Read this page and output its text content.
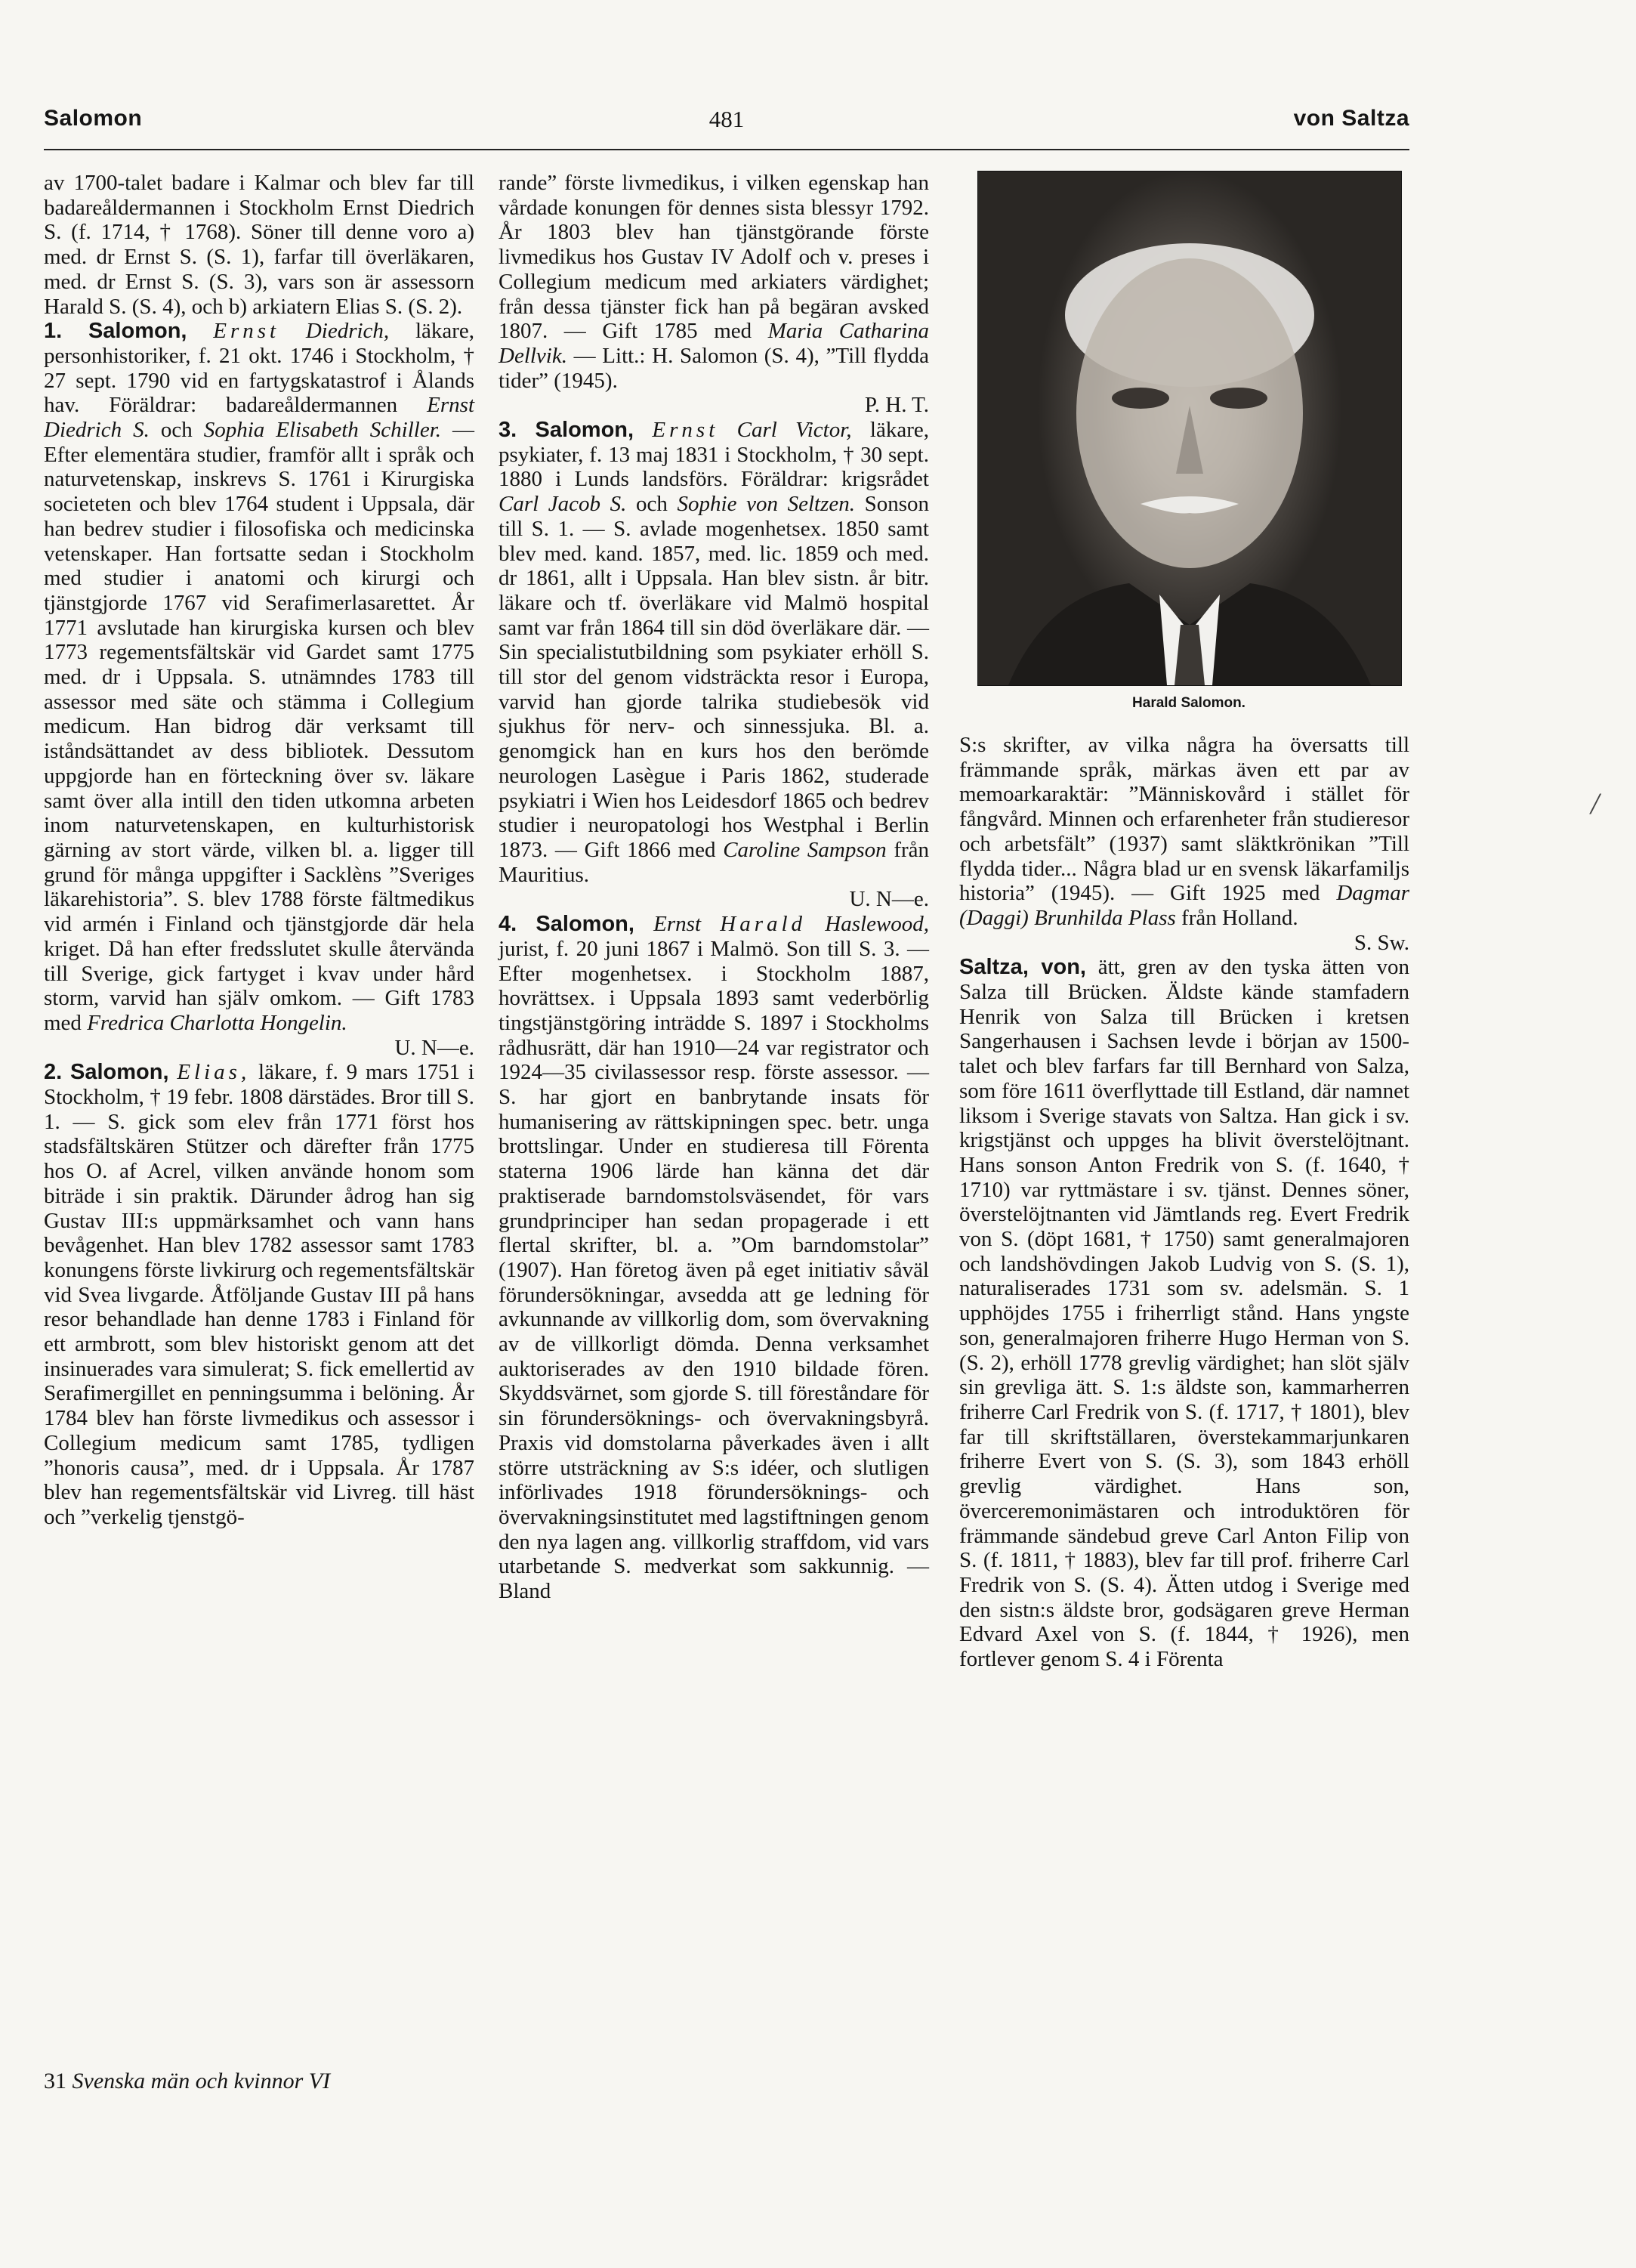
Salomon	481	von Saltza

av 1700-talet badare i Kalmar och blev far till badareåldermannen i Stockholm Ernst Diedrich S. (f. 1714, † 1768). Söner till denne voro a) med. dr Ernst S. (S. 1), farfar till överläkaren, med. dr Ernst S. (S. 3), vars son är assessorn Harald S. (S. 4), och b) arkiatern Elias S. (S. 2).

1. Salomon, Ernst Diedrich, läkare, personhistoriker, f. 21 okt. 1746 i Stockholm, † 27 sept. 1790 vid en fartygskatastrof i Ålands hav. Föräldrar: badareåldermannen Ernst Diedrich S. och Sophia Elisabeth Schiller. — Efter elementära studier, framför allt i språk och naturvetenskap, inskrevs S. 1761 i Kirurgiska societeten och blev 1764 student i Uppsala, där han bedrev studier i filosofiska och medicinska vetenskaper. Han fortsatte sedan i Stockholm med studier i anatomi och kirurgi och tjänstgjorde 1767 vid Serafimerlasarettet. År 1771 avslutade han kirurgiska kursen och blev 1773 regementsfältskär vid Gardet samt 1775 med. dr i Uppsala. S. utnämndes 1783 till assessor med säte och stämma i Collegium medicum. Han bidrog där verksamt till iståndsättandet av dess bibliotek. Dessutom uppgjorde han en förteckning över sv. läkare samt över alla intill den tiden utkomna arbeten inom naturvetenskapen, en kulturhistorisk gärning av stort värde, vilken bl. a. ligger till grund för många uppgifter i Sacklèns ”Sveriges läkarehistoria”. S. blev 1788 förste fältmedikus vid armén i Finland och tjänstgjorde där hela kriget. Då han efter fredsslutet skulle återvända till Sverige, gick fartyget i kvav under hård storm, varvid han själv omkom. — Gift 1783 med Fredrica Charlotta Hongelin.

U. N—e.

2. Salomon, Elias, läkare, f. 9 mars 1751 i Stockholm, † 19 febr. 1808 därstädes. Bror till S. 1. — S. gick som elev från 1771 först hos stadsfältskären Stützer och därefter från 1775 hos O. af Acrel, vilken använde honom som biträde i sin praktik. Därunder ådrog han sig Gustav III:s uppmärksamhet och vann hans bevågenhet. Han blev 1782 assessor samt 1783 konungens förste livkirurg och regementsfältskär vid Svea livgarde. Åtföljande Gustav III på hans resor behandlade han denne 1783 i Finland för ett armbrott, som blev historiskt genom att det insinuerades vara simulerat; S. fick emellertid av Serafimergillet en penningsumma i belöning. År 1784 blev han förste livmedikus och assessor i Collegium medicum samt 1785, tydligen ”honoris causa”, med. dr i Uppsala. År 1787 blev han regementsfältskär vid Livreg. till häst och ”verkelig tjenstgö-

rande” förste livmedikus, i vilken egenskap han vårdade konungen för dennes sista blessyr 1792. År 1803 blev han tjänstgörande förste livmedikus hos Gustav IV Adolf och v. preses i Collegium medicum med arkiaters värdighet; från dessa tjänster fick han på begäran avsked 1807. — Gift 1785 med Maria Catharina Dellvik. — Litt.: H. Salomon (S. 4), ”Till flydda tider” (1945).

P. H. T.

3. Salomon, Ernst Carl Victor, läkare, psykiater, f. 13 maj 1831 i Stockholm, † 30 sept. 1880 i Lunds landsförs. Föräldrar: krigsrådet Carl Jacob S. och Sophie von Seltzen. Sonson till S. 1. — S. avlade mogenhetsex. 1850 samt blev med. kand. 1857, med. lic. 1859 och med. dr 1861, allt i Uppsala. Han blev sistn. år bitr. läkare och tf. överläkare vid Malmö hospital samt var från 1864 till sin död överläkare där. — Sin specialistutbildning som psykiater erhöll S. till stor del genom vidsträckta resor i Europa, varvid han gjorde talrika studiebesök vid sjukhus för nerv- och sinnessjuka. Bl. a. genomgick han en kurs hos den berömde neurologen Lasègue i Paris 1862, studerade psykiatri i Wien hos Leidesdorf 1865 och bedrev studier i neuropatologi hos Westphal i Berlin 1873. — Gift 1866 med Caroline Sampson från Mauritius.

U. N—e.

4. Salomon, Ernst Harald Haslewood, jurist, f. 20 juni 1867 i Malmö. Son till S. 3. — Efter mogenhetsex. i Stockholm 1887, hovrättsex. i Uppsala 1893 samt vederbörlig tingstjänstgöring inträdde S. 1897 i Stockholms rådhusrätt, där han 1910—24 var registrator och 1924—35 civilassessor resp. förste assessor. — S. har gjort en banbrytande insats för humanisering av rättskipningen spec. betr. unga brottslingar. Under en studieresa till Förenta staterna 1906 lärde han känna det där praktiserade barndomstolsväsendet, för vars grundprinciper han sedan propagerade i ett flertal skrifter, bl. a. ”Om barndomstolar” (1907). Han företog även på eget initiativ såväl förundersökningar, avsedda att ge ledning för avkunnande av villkorlig dom, som övervakning av de villkorligt dömda. Denna verksamhet auktoriserades av den 1910 bildade fören. Skyddsvärnet, som gjorde S. till föreståndare för sin förundersöknings- och övervakningsbyrå. Praxis vid domstolarna påverkades även i allt större utsträckning av S:s idéer, och slutligen införlivades 1918 förundersöknings- och övervakningsinstitutet med lagstiftningen genom den nya lagen ang. villkorlig straffdom, vid vars utarbetande S. medverkat som sakkunnig. — Bland

Harald Salomon.

S:s skrifter, av vilka några ha översatts till främmande språk, märkas även ett par av memoarkaraktär: ”Människovård i stället för fångvård. Minnen och erfarenheter från studieresor och arbetsfält” (1937) samt släktkrönikan ”Till flydda tider... Några blad ur en svensk läkarfamiljs historia” (1945). — Gift 1925 med Dagmar (Daggi) Brunhilda Plass från Holland.

S. Sw.

Saltza, von, ätt, gren av den tyska ätten von Salza till Brücken. Äldste kände stamfadern Henrik von Salza till Brücken i kretsen Sangerhausen i Sachsen levde i början av 1500-talet och blev farfars far till Bernhard von Salza, som före 1611 överflyttade till Estland, där namnet liksom i Sverige stavats von Saltza. Han gick i sv. krigstjänst och uppges ha blivit överstelöjtnant. Hans sonson Anton Fredrik von S. (f. 1640, † 1710) var ryttmästare i sv. tjänst. Dennes söner, överstelöjtnanten vid Jämtlands reg. Evert Fredrik von S. (döpt 1681, † 1750) samt generalmajoren och landshövdingen Jakob Ludvig von S. (S. 1), naturaliserades 1731 som sv. adelsmän. S. 1 upphöjdes 1755 i friherrligt stånd. Hans yngste son, generalmajoren friherre Hugo Herman von S. (S. 2), erhöll 1778 grevlig värdighet; han slöt själv sin grevliga ätt. S. 1:s äldste son, kammarherren friherre Carl Fredrik von S. (f. 1717, † 1801), blev far till skriftställaren, överstekammarjunkaren friherre Evert von S. (S. 3), som 1843 erhöll grevlig värdighet. Hans son, överceremonimästaren och introduktören för främmande sändebud greve Carl Anton Filip von S. (f. 1811, † 1883), blev far till prof. friherre Carl Fredrik von S. (S. 4). Ätten utdog i Sverige med den sistn:s äldste bror, godsägaren greve Herman Edvard Axel von S. (f. 1844, † 1926), men fortlever genom S. 4 i Förenta

/
31 Svenska män och kvinnor VI
